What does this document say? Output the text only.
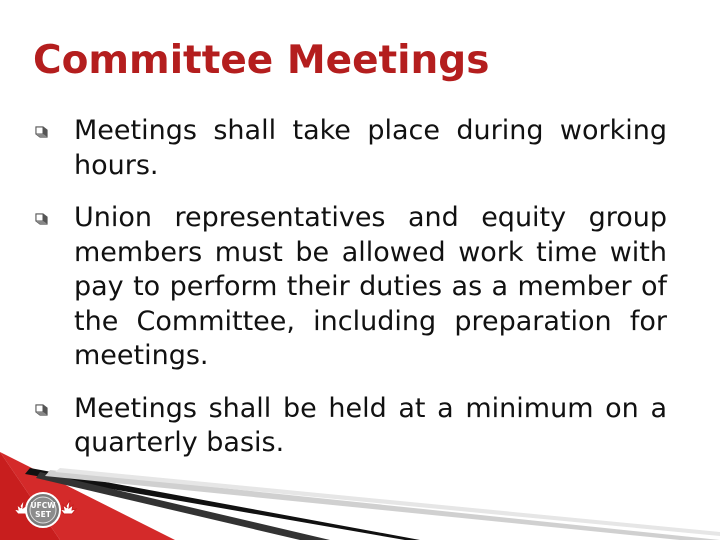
Committee Meetings
Meetings shall take place during working hours.
Union representatives and equity group members must be allowed work time with pay to perform their duties as a member of the Committee, including preparation for meetings.
Meetings shall be held at a minimum on a quarterly basis.
UFCW
SET
